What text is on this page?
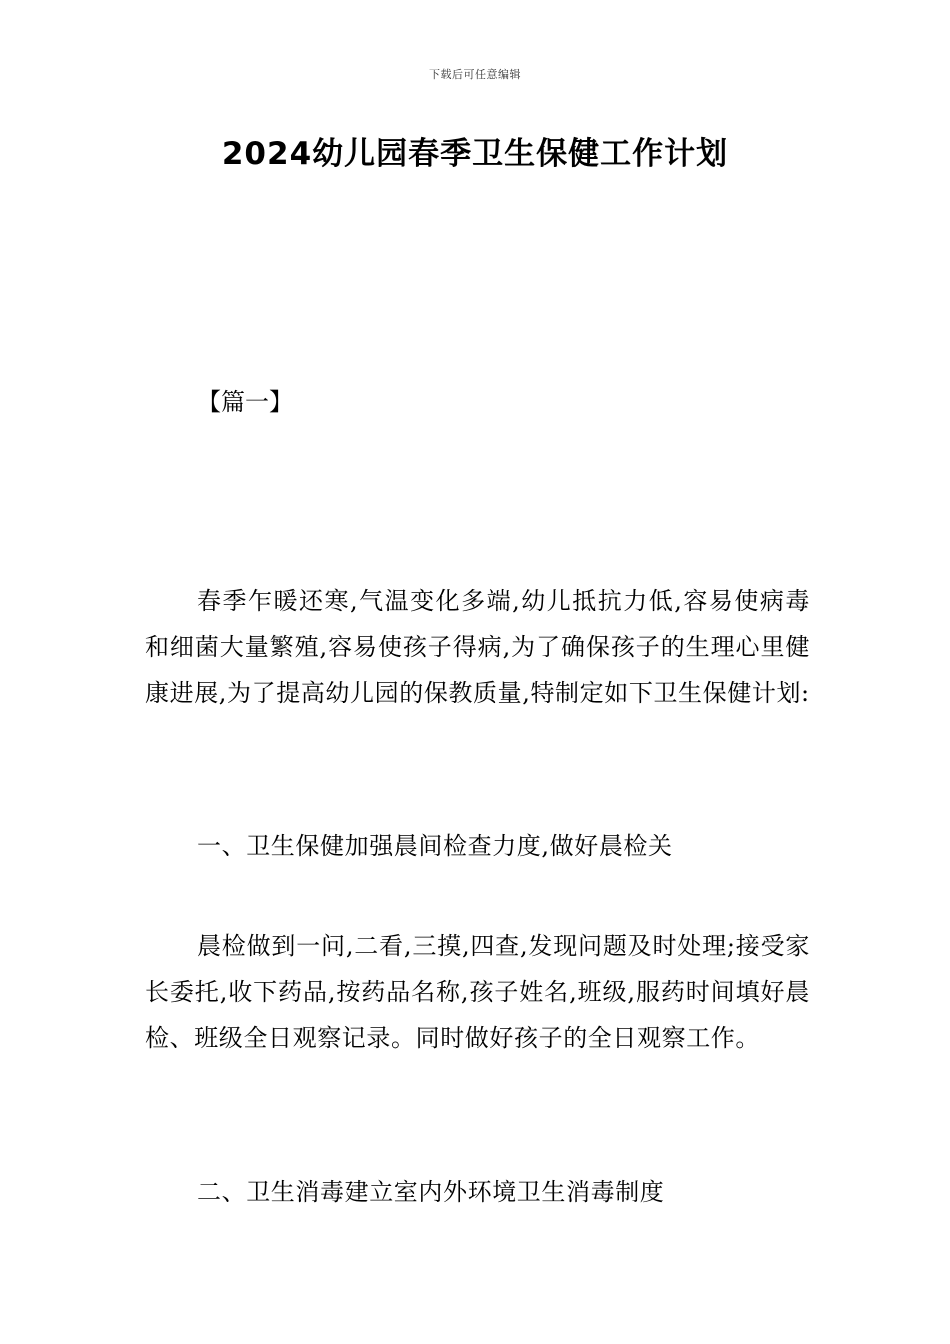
下载后可任意编辑
2024幼儿园春季卫生保健工作计划
【篇一】

春季乍暖还寒,气温变化多端,幼儿抵抗力低,容易使病毒和细菌大量繁殖,容易使孩子得病,为了确保孩子的生理心里健康进展,为了提高幼儿园的保教质量,特制定如下卫生保健计划:

一、卫生保健加强晨间检查力度,做好晨检关

晨检做到一问,二看,三摸,四查,发现问题及时处理;接受家长委托,收下药品,按药品名称,孩子姓名,班级,服药时间填好晨检、班级全日观察记录。同时做好孩子的全日观察工作。

二、卫生消毒建立室内外环境卫生消毒制度
